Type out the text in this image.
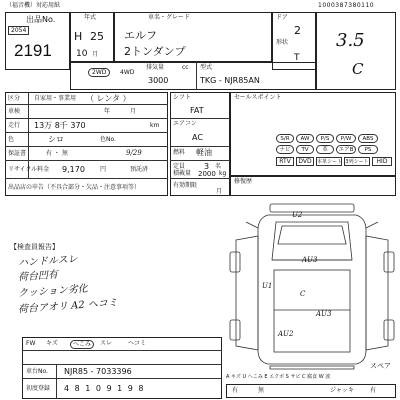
（福音機）対応用紙	1000387380110
出品No.
2054
2191
年式
H 25
10 月
車名・グレード
エルフ
2トンダンプ
ドア
2
形状
T
3.5
C
2WD	4WD
排気量
3000
cc 型式
TKG - NJR85AN
区分 自家用・事業用 （ レンタ ）
車検	年	月
走行 13万 8千 370	km
色	シロ	色No.
保証書	有 ・ 無	9/29
リサイクル料金 9,170	円	預託済
出品店の申告（不具合部分・欠品・注意事項等）
シフト
FAT
エアコン
AC
燃料 軽油
定員 3 名
積載量 2000 kg
有効期限
月
セールスポイント
S/R	AW	P/S	P/W	ABS
ナビ	TV	革	エアB	PS
RTV	DVD	本革シート 3列シート	HID
修復歴
【検査員報告】
ハンドルスレ
荷台凹有
クッション劣化
荷台アオリ A2 ヘコミ
U2
AU3
U1
C
AU3
AU2
FW キズ	へこみ	スレ	ヘコミ
車台No. NJR85 - 7033396
初度登録 4 8 1 0 9 1 9 8
スペア
A キズ U へこみ E エクボ S サビ C 腐食 W 波
有	無	ジャッキ	有
